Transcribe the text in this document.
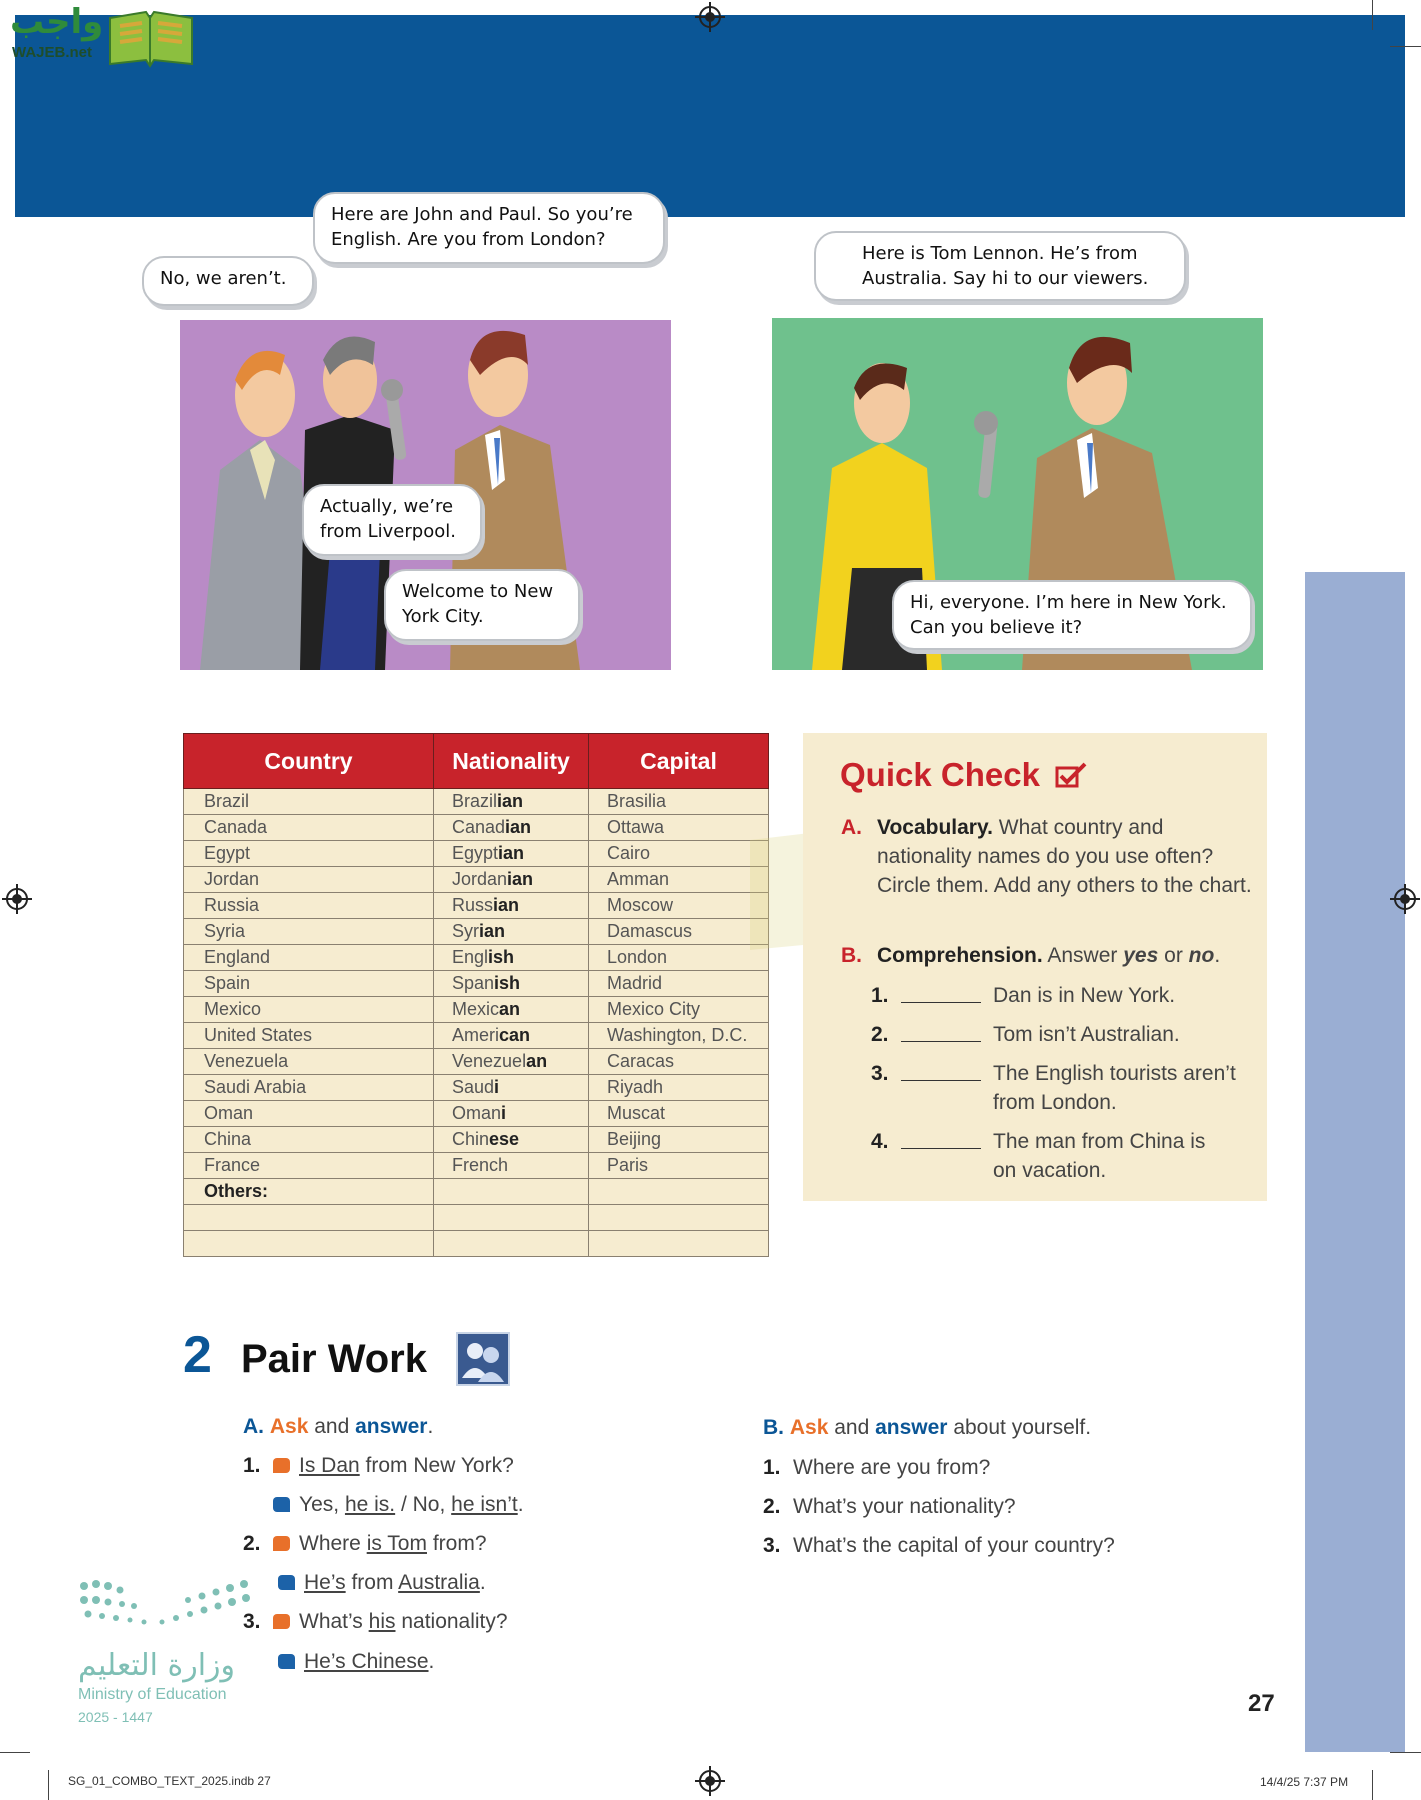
واجب
WAJEB.net
Here are John and Paul. So you’re English. Are you from London?
No, we aren’t.
Actually, we’re from Liverpool.
Welcome to New York City.
Here is Tom Lennon. He’s from Australia. Say hi to our viewers.
Hi, everyone. I’m here in New York. Can you believe it?
Country	Nationality	Capital
Brazil	Brazilian	Brasilia
Canada	Canadian	Ottawa
Egypt	Egyptian	Cairo
Jordan	Jordanian	Amman
Russia	Russian	Moscow
Syria	Syrian	Damascus
England	English	London
Spain	Spanish	Madrid
Mexico	Mexican	Mexico City
United States	American	Washington, D.C.
Venezuela	Venezuelan	Caracas
Saudi Arabia	Saudi	Riyadh
Oman	Omani	Muscat
China	Chinese	Beijing
France	French	Paris
Others:		

Quick Check
A. Vocabulary. What country and nationality names do you use often? Circle them. Add any others to the chart.
B. Comprehension. Answer yes or no.
1.	Dan is in New York.
2.	Tom isn’t Australian.
3.	The English tourists aren’t from London.
4.	The man from China is on vacation.
2 Pair Work
A. Ask and answer.
1. Is Dan from New York?
Yes, he is. / No, he isn’t.
2. Where is Tom from?
He’s from Australia.
3. What’s his nationality?
He’s Chinese.
B. Ask and answer about yourself.
1. Where are you from?
2. What’s your nationality?
3. What’s the capital of your country?
وزارة التعليم
Ministry of Education
2025 - 1447	27
SG_01_COMBO_TEXT_2025.indb 27	14/4/25 7:37 PM
